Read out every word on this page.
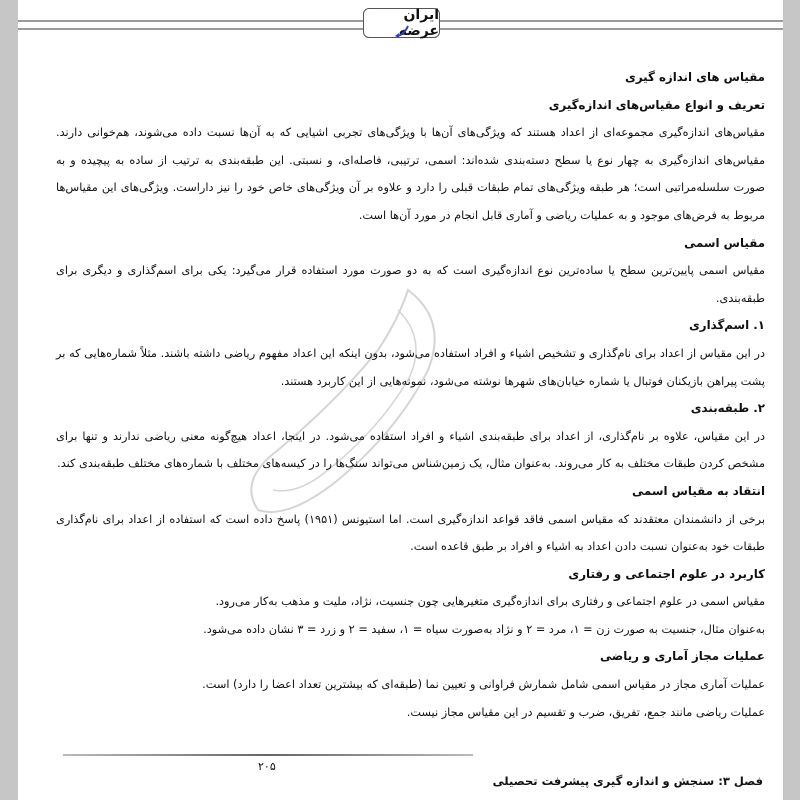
ایران عرضه
مقیاس های اندازه گیری
تعریف و انواع مقیاس‌های اندازه‌گیری

مقیاس‌های اندازه‌گیری مجموعه‌ای از اعداد هستند که ویژگی‌های آن‌ها با ویژگی‌های تجربی اشیایی که به آن‌ها نسبت داده می‌شوند، هم‌خوانی دارند. مقیاس‌های اندازه‌گیری به چهار نوع یا سطح دسته‌بندی شده‌اند: اسمی، ترتیبی، فاصله‌ای، و نسبتی. این طبقه‌بندی به ترتیب از ساده به پیچیده و به صورت سلسله‌مراتبی است؛ هر طبقه ویژگی‌های تمام طبقات قبلی را دارد و علاوه بر آن ویژگی‌های خاص خود را نیز داراست. ویژگی‌های این مقیاس‌ها مربوط به فرض‌های موجود و به عملیات ریاضی و آماری قابل انجام در مورد آن‌ها است.

مقیاس اسمی

مقیاس اسمی پایین‌ترین سطح یا ساده‌ترین نوع اندازه‌گیری است که به دو صورت مورد استفاده قرار می‌گیرد: یکی برای اسم‌گذاری و دیگری برای طبقه‌بندی.

۱. اسم‌گذاری

در این مقیاس از اعداد برای نام‌گذاری و تشخیص اشیاء و افراد استفاده می‌شود، بدون اینکه این اعداد مفهوم ریاضی داشته باشند. مثلاً شماره‌هایی که بر پشت پیراهن بازیکنان فوتبال یا شماره خیابان‌های شهرها نوشته می‌شود، نمونه‌هایی از این کاربرد هستند.

۲. طبقه‌بندی

در این مقیاس، علاوه بر نام‌گذاری، از اعداد برای طبقه‌بندی اشیاء و افراد استفاده می‌شود. در اینجا، اعداد هیچ‌گونه معنی ریاضی ندارند و تنها برای مشخص کردن طبقات مختلف به کار می‌روند. به‌عنوان مثال، یک زمین‌شناس می‌تواند سنگ‌ها را در کیسه‌های مختلف با شماره‌های مختلف طبقه‌بندی کند.

انتقاد به مقیاس اسمی

برخی از دانشمندان معتقدند که مقیاس اسمی فاقد قواعد اندازه‌گیری است. اما استیونس (۱۹۵۱) پاسخ داده است که استفاده از اعداد برای نام‌گذاری طبقات خود به‌عنوان نسبت دادن اعداد به اشیاء و افراد بر طبق قاعده است.

کاربرد در علوم اجتماعی و رفتاری

مقیاس اسمی در علوم اجتماعی و رفتاری برای اندازه‌گیری متغیرهایی چون جنسیت، نژاد، ملیت و مذهب به‌کار می‌رود.

به‌عنوان مثال، جنسیت به صورت زن = ۱، مرد = ۲ و نژاد به‌صورت سیاه = ۱، سفید = ۲ و زرد = ۳ نشان داده می‌شود.

عملیات مجاز آماری و ریاضی

عملیات آماری مجاز در مقیاس اسمی شامل شمارش فراوانی و تعیین نما (طبقه‌ای که بیشترین تعداد اعضا را دارد) است.

عملیات ریاضی مانند جمع، تفریق، ضرب و تقسیم در این مقیاس مجاز نیست.

۲۰۵
فصل ۳: سنجش و اندازه گیری پیشرفت تحصیلی
